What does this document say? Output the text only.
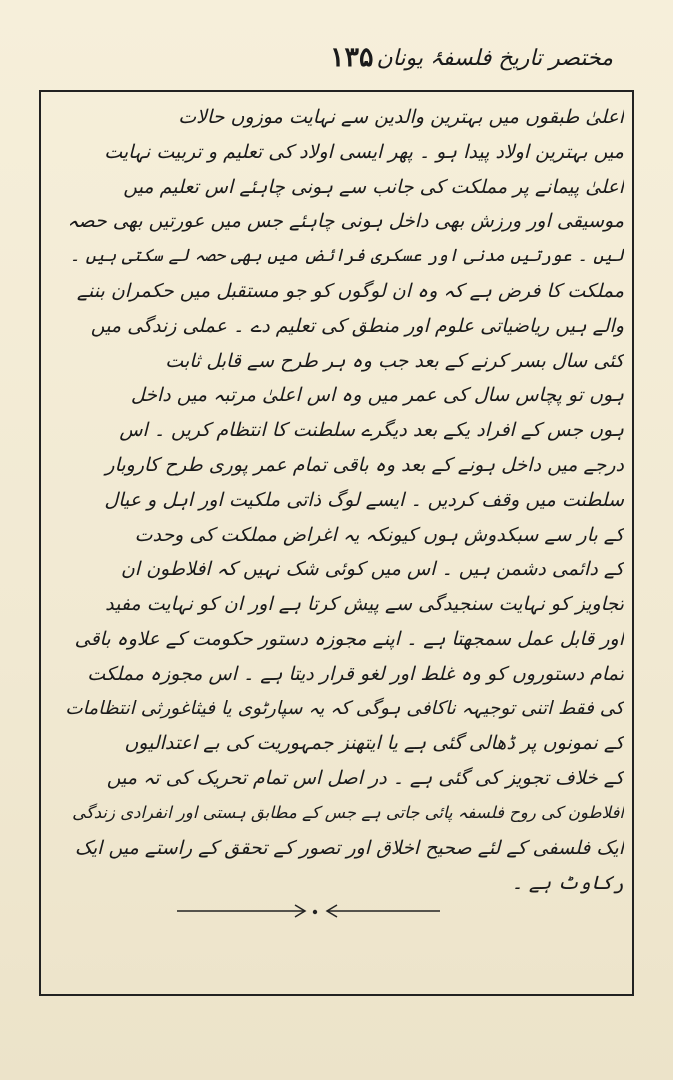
مختصر تاریخ فلسفۂ یونان
۱۳۵
اعلیٰ طبقوں میں بہترین والدین سے نہایت موزوں حالات
میں بہترین اولاد پیدا ہو ۔ پھر ایسی اولاد کی تعلیم و تربیت نہایت
اعلیٰ پیمانے پر مملکت کی جانب سے ہونی چاہئے اس تعلیم میں
موسیقی اور ورزش بھی داخل ہونی چاہئے جس میں عورتیں بھی حصہ
لیں ۔ عورتیں مدنی اور عسکری فرائض میں بھی حصہ لے سکتی ہیں ۔
مملکت کا فرض ہے کہ وہ ان لوگوں کو جو مستقبل میں حکمران بننے
والے ہیں ریاضیاتی علوم اور منطق کی تعلیم دے ۔ عملی زندگی میں
کئی سال بسر کرنے کے بعد جب وہ ہر طرح سے قابل ثابت
ہوں تو پچاس سال کی عمر میں وہ اس اعلیٰ مرتبہ میں داخل
ہوں جس کے افراد یکے بعد دیگرے سلطنت کا انتظام کریں ۔ اس
درجے میں داخل ہونے کے بعد وہ باقی تمام عمر پوری طرح کاروبار
سلطنت میں وقف کردیں ۔ ایسے لوگ ذاتی ملکیت اور اہل و عیال
کے بار سے سبکدوش ہوں کیونکہ یہ اغراض مملکت کی وحدت
کے دائمی دشمن ہیں ۔ اس میں کوئی شک نہیں کہ افلاطون ان
تجاویز کو نہایت سنجیدگی سے پیش کرتا ہے اور ان کو نہایت مفید
اور قابل عمل سمجھتا ہے ۔ اپنے مجوزہ دستور حکومت کے علاوہ باقی
تمام دستوروں کو وہ غلط اور لغو قرار دیتا ہے ۔ اس مجوزہ مملکت
کی فقط اتنی توجیہہ ناکافی ہوگی کہ یہ سپارٹوی یا فیثاغورثی انتظامات
کے نمونوں پر ڈھالی گئی ہے یا ایتھنز جمہوریت کی بے اعتدالیوں
کے خلاف تجویز کی گئی ہے ۔ در اصل اس تمام تحریک کی تہ میں
افلاطون کی روح فلسفہ پائی جاتی ہے جس کے مطابق ہستی اور انفرادی زندگی
ایک فلسفی کے لئے صحیح اخلاق اور تصور کے تحقق کے راستے میں ایک
رکاوٹ ہے ۔
